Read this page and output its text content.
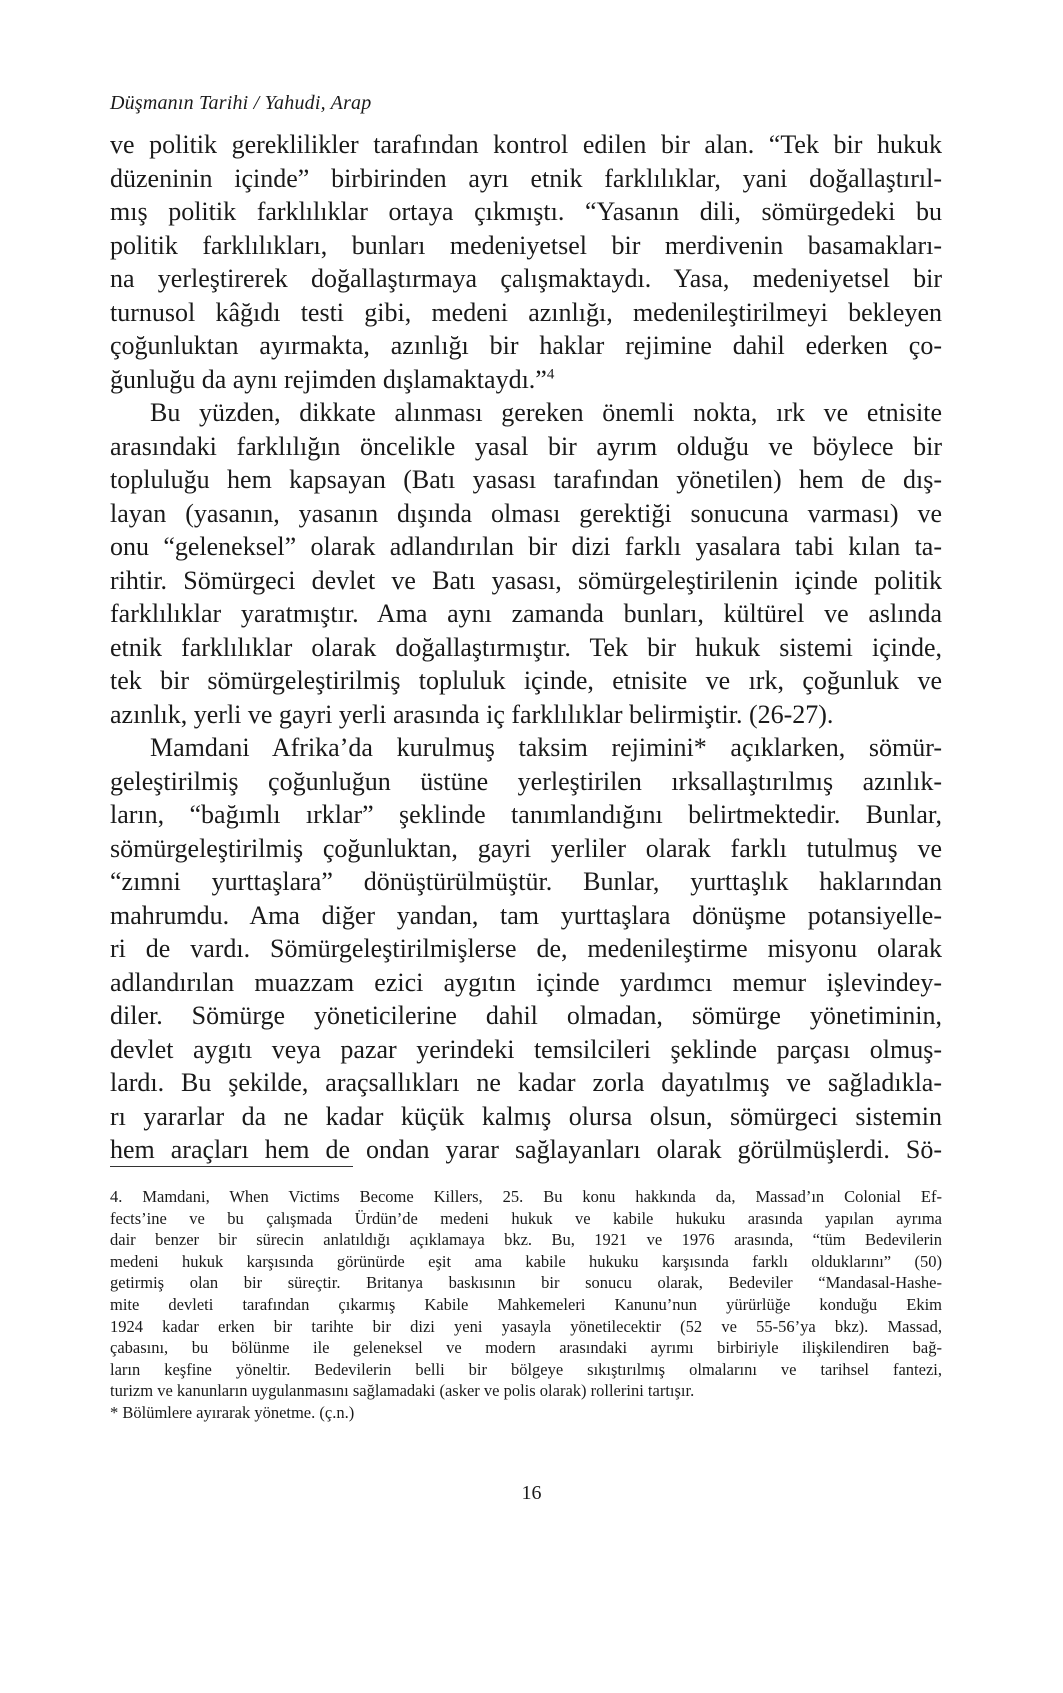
Düşmanın Tarihi / Yahudi, Arap
ve politik gereklilikler tarafından kontrol edilen bir alan. “Tek bir hukuk
düzeninin içinde” birbirinden ayrı etnik farklılıklar, yani doğallaştırıl-
mış politik farklılıklar ortaya çıkmıştı. “Yasanın dili, sömürgedeki bu
politik farklılıkları, bunları medeniyetsel bir merdivenin basamakları-
na yerleştirerek doğallaştırmaya çalışmaktaydı. Yasa, medeniyetsel bir
turnusol kâğıdı testi gibi, medeni azınlığı, medenileştirilmeyi bekleyen
çoğunluktan ayırmakta, azınlığı bir haklar rejimine dahil ederken ço-
ğunluğu da aynı rejimden dışlamaktaydı.”$^4$
Bu yüzden, dikkate alınması gereken önemli nokta, ırk ve etnisite
arasındaki farklılığın öncelikle yasal bir ayrım olduğu ve böylece bir
topluluğu hem kapsayan (Batı yasası tarafından yönetilen) hem de dış-
layan (yasanın, yasanın dışında olması gerektiği sonucuna varması) ve
onu “geleneksel” olarak adlandırılan bir dizi farklı yasalara tabi kılan ta-
rihtir. Sömürgeci devlet ve Batı yasası, sömürgeleştirilenin içinde politik
farklılıklar yaratmıştır. Ama aynı zamanda bunları, kültürel ve aslında
etnik farklılıklar olarak doğallaştırmıştır. Tek bir hukuk sistemi içinde,
tek bir sömürgeleştirilmiş topluluk içinde, etnisite ve ırk, çoğunluk ve
azınlık, yerli ve gayri yerli arasında iç farklılıklar belirmiştir. (26-27).
Mamdani Afrika’da kurulmuş taksim rejimini* açıklarken, sömür-
geleştirilmiş çoğunluğun üstüne yerleştirilen ırksallaştırılmış azınlık-
ların, “bağımlı ırklar” şeklinde tanımlandığını belirtmektedir. Bunlar,
sömürgeleştirilmiş çoğunluktan, gayri yerliler olarak farklı tutulmuş ve
“zımni yurttaşlara” dönüştürülmüştür. Bunlar, yurttaşlık haklarından
mahrumdu. Ama diğer yandan, tam yurttaşlara dönüşme potansiyelle-
ri de vardı. Sömürgeleştirilmişlerse de, medenileştirme misyonu olarak
adlandırılan muazzam ezici aygıtın içinde yardımcı memur işlevindey-
diler. Sömürge yöneticilerine dahil olmadan, sömürge yönetiminin,
devlet aygıtı veya pazar yerindeki temsilcileri şeklinde parçası olmuş-
lardı. Bu şekilde, araçsallıkları ne kadar zorla dayatılmış ve sağladıkla-
rı yararlar da ne kadar küçük kalmış olursa olsun, sömürgeci sistemin
hem araçları hem de ondan yarar sağlayanları olarak görülmüşlerdi. Sö-
4. Mamdani, When Victims Become Killers, 25. Bu konu hakkında da, Massad’ın Colonial Ef-
fects’ine ve bu çalışmada Ürdün’de medeni hukuk ve kabile hukuku arasında yapılan ayrıma
dair benzer bir sürecin anlatıldığı açıklamaya bkz. Bu, 1921 ve 1976 arasında, “tüm Bedevilerin
medeni hukuk karşısında görünürde eşit ama kabile hukuku karşısında farklı olduklarını” (50)
getirmiş olan bir süreçtir. Britanya baskısının bir sonucu olarak, Bedeviler “Mandasal-Hashe-
mite devleti tarafından çıkarmış Kabile Mahkemeleri Kanunu’nun yürürlüğe konduğu Ekim
1924 kadar erken bir tarihte bir dizi yeni yasayla yönetilecektir (52 ve 55-56’ya bkz). Massad,
çabasını, bu bölünme ile geleneksel ve modern arasındaki ayrımı birbiriyle ilişkilendiren bağ-
ların keşfine yöneltir. Bedevilerin belli bir bölgeye sıkıştırılmış olmalarını ve tarihsel fantezi,
turizm ve kanunların uygulanmasını sağlamadaki (asker ve polis olarak) rollerini tartışır.
* Bölümlere ayırarak yönetme. (ç.n.)
16
